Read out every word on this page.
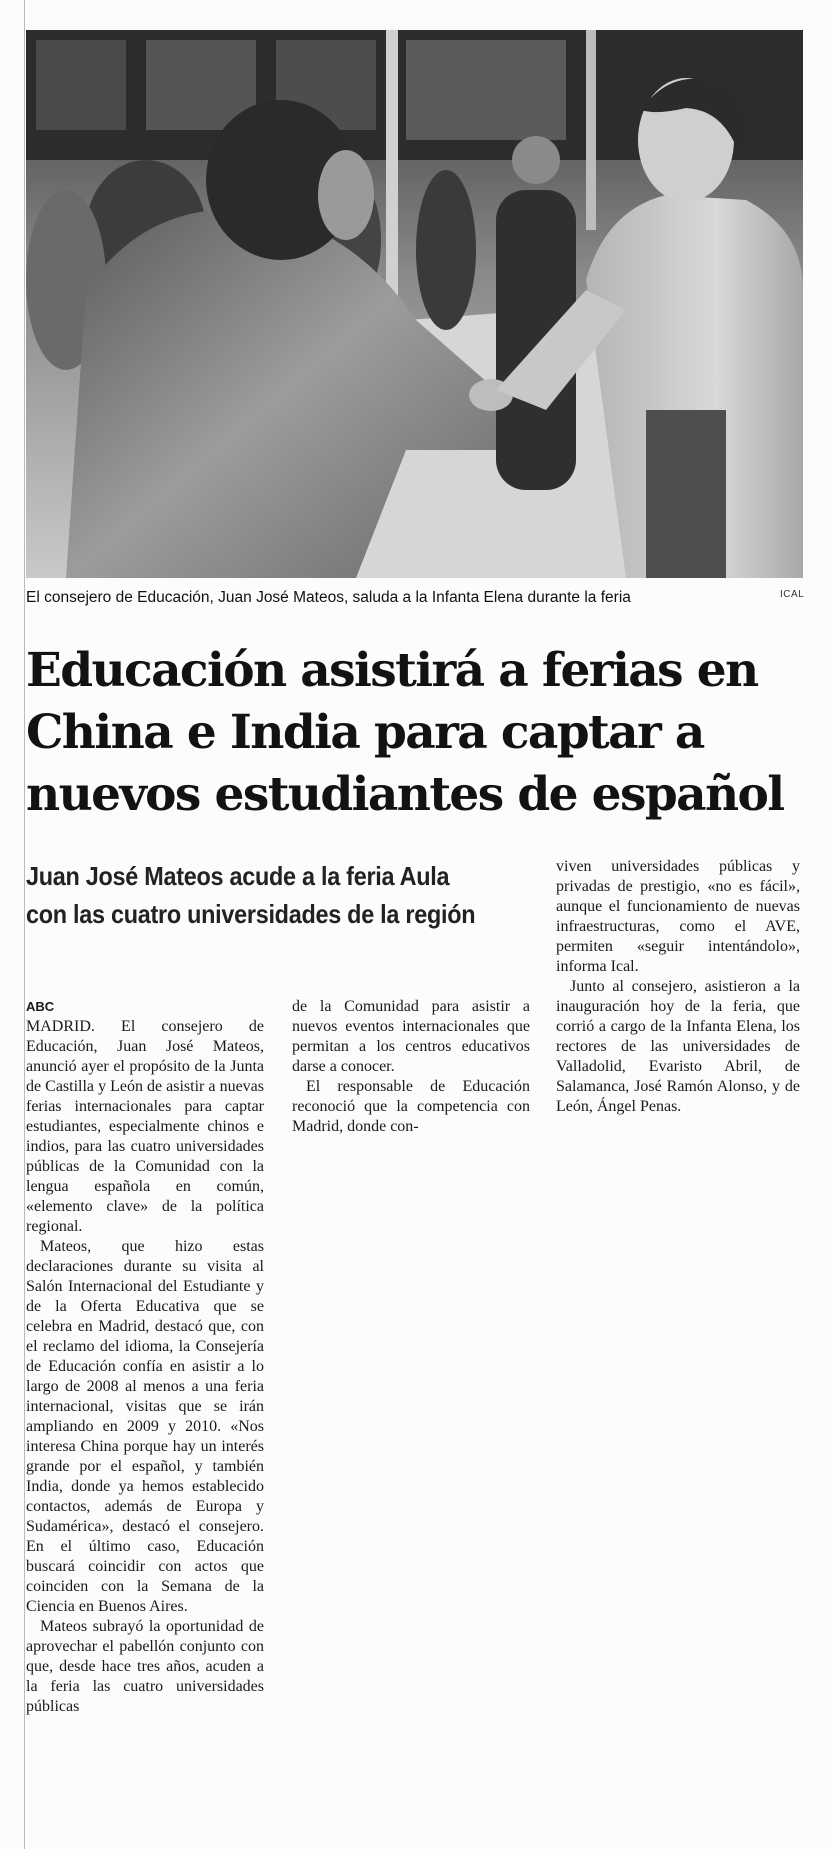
El consejero de Educación, Juan José Mateos, saluda a la Infanta Elena durante la feria	ICAL
Educación asistirá a ferias en China e India para captar a nuevos estudiantes de español
Juan José Mateos acude a la feria Aula con las cuatro universidades de la región
ABC

MADRID. El consejero de Educación, Juan José Mateos, anunció ayer el propósito de la Junta de Castilla y León de asistir a nuevas ferias internacionales para captar estudiantes, especialmente chinos e indios, para las cuatro universidades públicas de la Comunidad con la lengua española en común, «elemento clave» de la política regional.

Mateos, que hizo estas declaraciones durante su visita al Salón Internacional del Estudiante y de la Oferta Educativa que se celebra en Madrid, destacó que, con el reclamo del idioma, la Consejería de Educación confía en asistir a lo largo de 2008 al menos a una feria internacional, visitas que se irán ampliando en 2009 y 2010. «Nos interesa China porque hay un interés grande por el español, y también India, donde ya hemos establecido contactos, además de Europa y Sudamérica», destacó el consejero. En el último caso, Educación buscará coincidir con actos que coinciden con la Semana de la Ciencia en Buenos Aires.

Mateos subrayó la oportunidad de aprovechar el pabellón conjunto con que, desde hace tres años, acuden a la feria las cuatro universidades públicas

de la Comunidad para asistir a nuevos eventos internacionales que permitan a los centros educativos darse a conocer.

El responsable de Educación reconoció que la competencia con Madrid, donde con-

viven universidades públicas y privadas de prestigio, «no es fácil», aunque el funcionamiento de nuevas infraestructuras, como el AVE, permiten «seguir intentándolo», informa Ical.

Junto al consejero, asistieron a la inauguración hoy de la feria, que corrió a cargo de la Infanta Elena, los rectores de las universidades de Valladolid, Evaristo Abril, de Salamanca, José Ramón Alonso, y de León, Ángel Penas.
